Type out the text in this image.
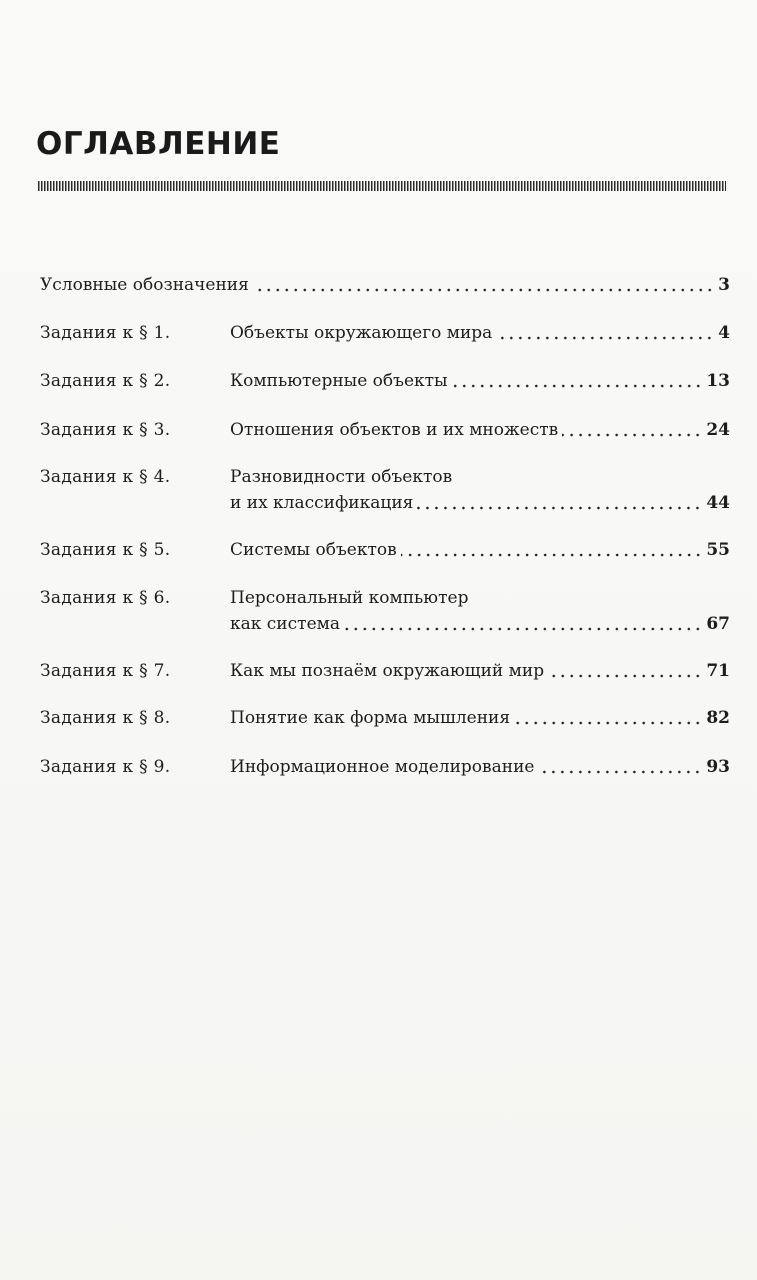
ОГЛАВЛЕНИЕ
Условные обозначения	3
Задания к § 1.	Объекты окружающего мира	4
Задания к § 2.	Компьютерные объекты	13
Задания к § 3.	Отношения объектов и их множеств	24
Задания к § 4.	Разновидности объектов
и их классификация	44
Задания к § 5.	Системы объектов	55
Задания к § 6.	Персональный компьютер
как система	67
Задания к § 7.	Как мы познаём окружающий мир	71
Задания к § 8.	Понятие как форма мышления	82
Задания к § 9.	Информационное моделирование	93
